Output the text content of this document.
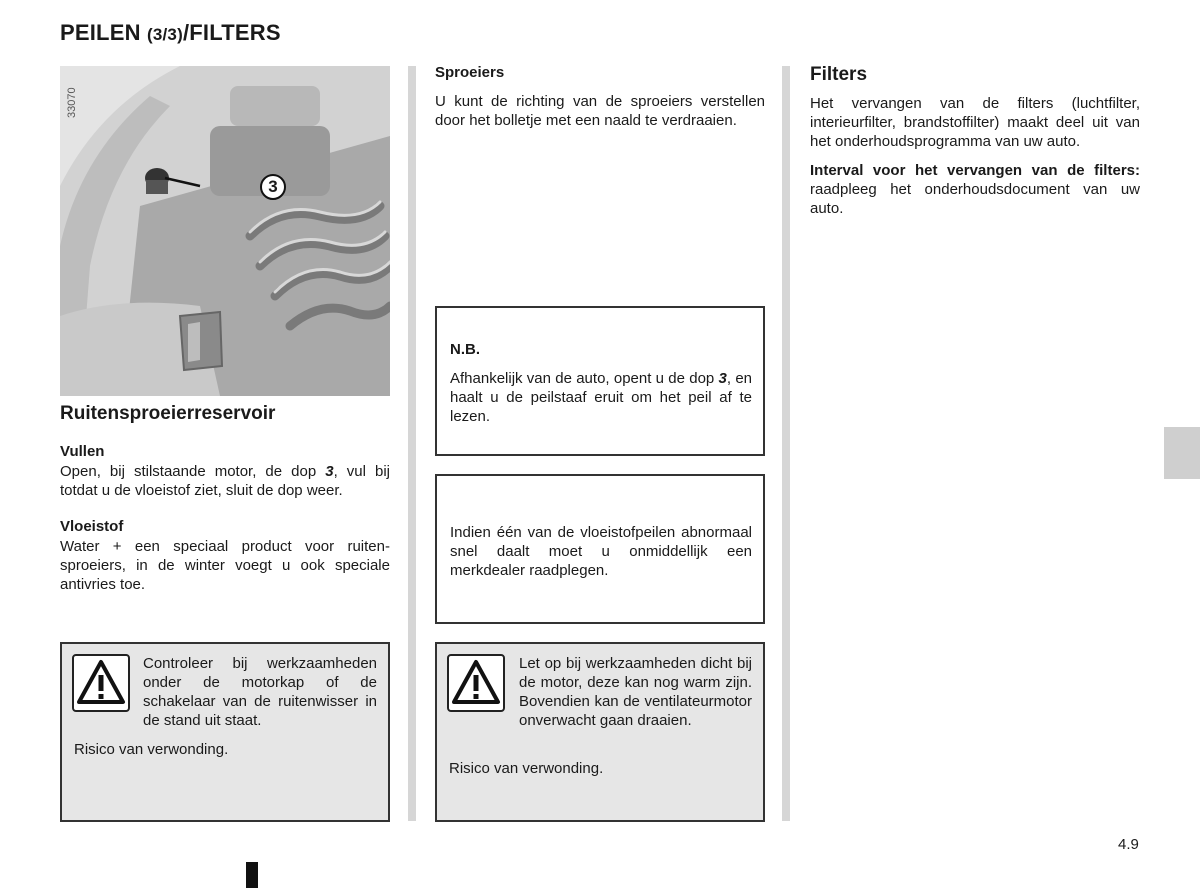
PEILEN (3/3)/FILTERS
3
33070
Ruitensproeierreservoir
Vullen
Open, bij stilstaande motor, de dop 3, vul bij totdat u de vloeistof ziet, sluit de dop weer.
Vloeistof
Water + een speciaal product voor ruiten-sproeiers, in de winter voegt u ook speciale antivries toe.
Controleer bij werkzaamheden onder de motorkap of de schakelaar van de ruitenwisser in de stand uit staat.
Risico van verwonding.
Sproeiers
U kunt de richting van de sproeiers verstellen door het bolletje met een naald te verdraaien.
N.B.
Afhankelijk van de auto, opent u de dop 3, en haalt u de peilstaaf eruit om het peil af te lezen.
Indien één van de vloeistofpeilen abnormaal snel daalt moet u onmiddellijk een merkdealer raadplegen.
Let op bij werkzaamheden dicht bij de motor, deze kan nog warm zijn. Bovendien kan de ventilateurmotor onverwacht gaan draaien.
Risico van verwonding.
Filters
Het vervangen van de filters (luchtfilter, interieurfilter, brandstoffilter) maakt deel uit van het onderhoudsprogramma van uw auto.
Interval voor het vervangen van de filters: raadpleeg het onderhoudsdocument van uw auto.
4.9
